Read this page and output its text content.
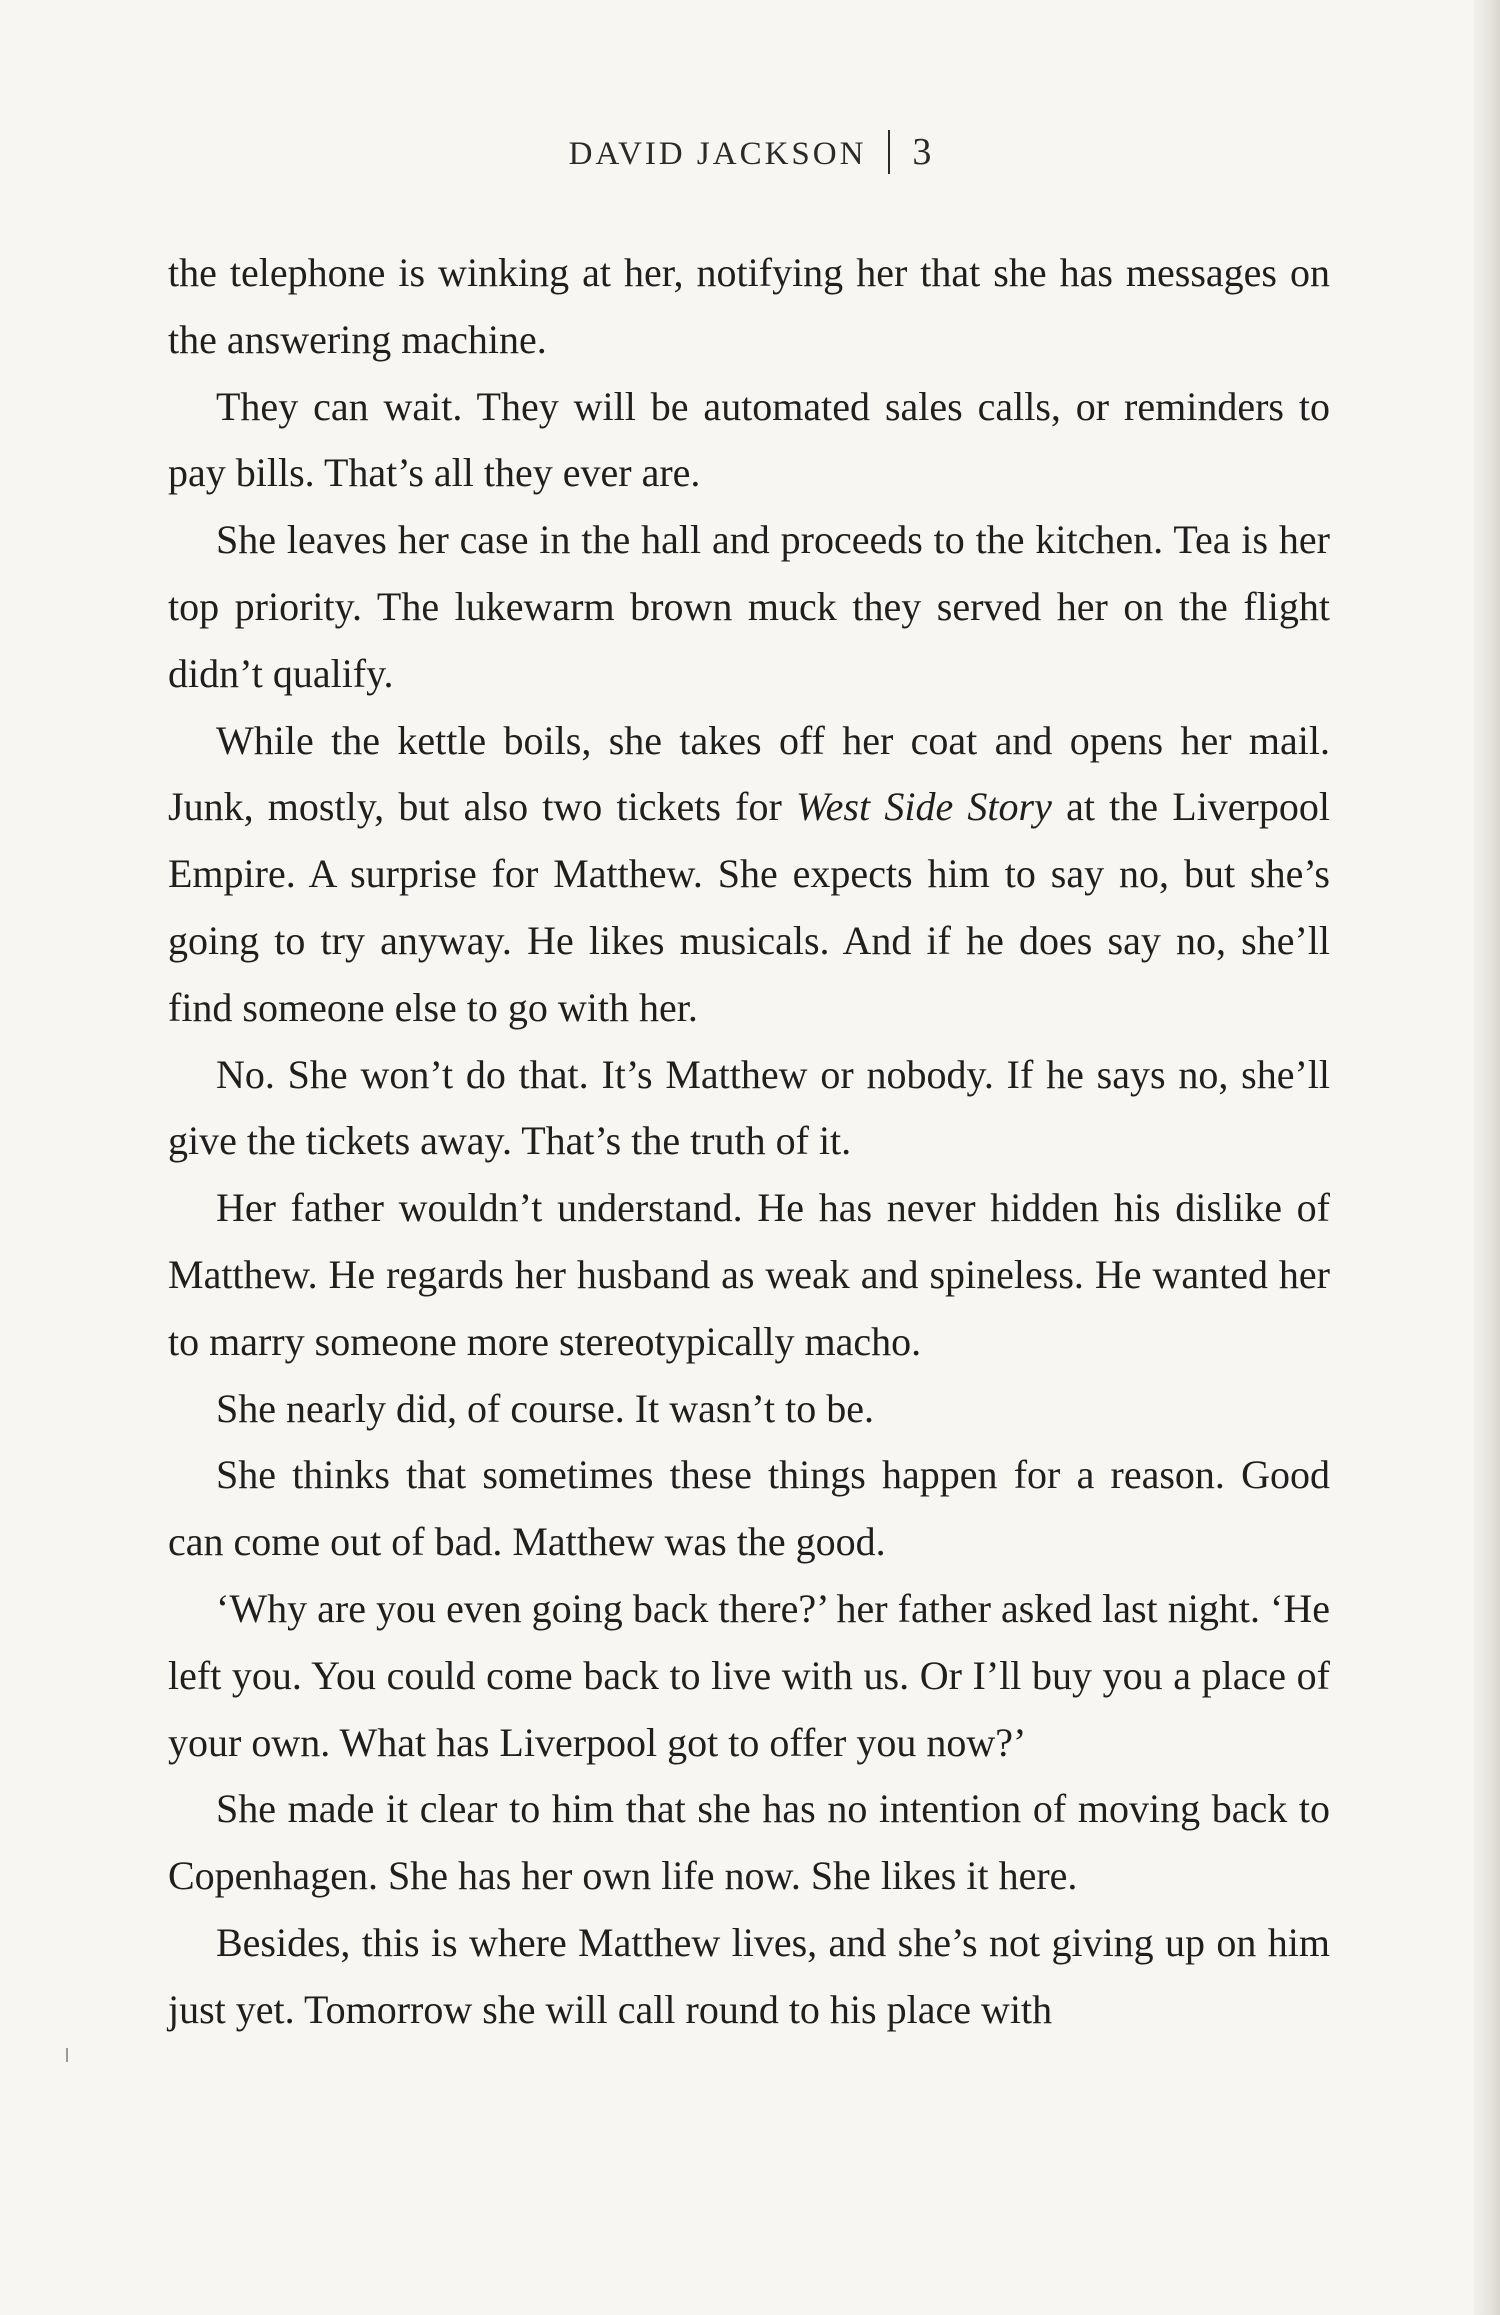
DAVID JACKSON 3

the telephone is winking at her, notifying her that she has messages on the answering machine.

They can wait. They will be automated sales calls, or reminders to pay bills. That’s all they ever are.

She leaves her case in the hall and proceeds to the kitchen. Tea is her top priority. The lukewarm brown muck they served her on the flight didn’t qualify.

While the kettle boils, she takes off her coat and opens her mail. Junk, mostly, but also two tickets for West Side Story at the Liverpool Empire. A surprise for Matthew. She expects him to say no, but she’s going to try anyway. He likes musicals. And if he does say no, she’ll find someone else to go with her.

No. She won’t do that. It’s Matthew or nobody. If he says no, she’ll give the tickets away. That’s the truth of it.

Her father wouldn’t understand. He has never hidden his dislike of Matthew. He regards her husband as weak and spineless. He wanted her to marry someone more stereotypically macho.

She nearly did, of course. It wasn’t to be.

She thinks that sometimes these things happen for a reason. Good can come out of bad. Matthew was the good.

‘Why are you even going back there?’ her father asked last night. ‘He left you. You could come back to live with us. Or I’ll buy you a place of your own. What has Liverpool got to offer you now?’

She made it clear to him that she has no intention of moving back to Copenhagen. She has her own life now. She likes it here.

Besides, this is where Matthew lives, and she’s not giving up on him just yet. Tomorrow she will call round to his place with
